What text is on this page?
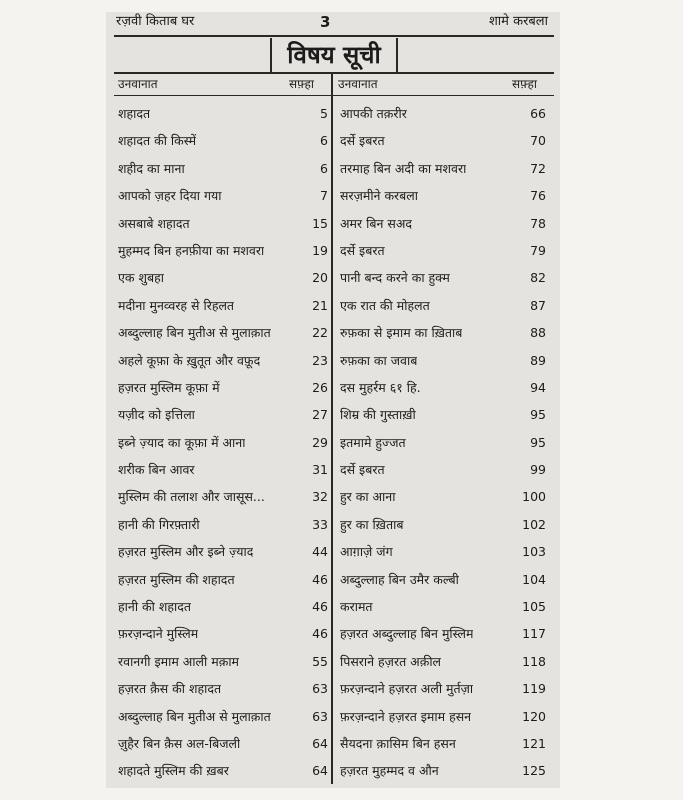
रज़वी किताब घर	3	शामे करबला
विषय सूची
उनवानात	सफ़्हा उनवानात	सफ़्हा
शहादत	5
शहादत की किस्में	6
शहीद का माना	6
आपको ज़हर दिया गया	7
असबाबे शहादत	15
मुहम्मद बिन हनफ़ीया का मशवरा	19
एक शुबहा	20
मदीना मुनव्वरह से रिहलत	21
अब्दुल्लाह बिन मुतीअ से मुलाक़ात	22
अहले कूफ़ा के ख़ुतूत और वफ़ूद	23
हज़रत मुस्लिम कूफ़ा में	26
यज़ीद को इत्तिला	27
इब्ने ज़्याद का कूफ़ा में आना	29
शरीक बिन आवर	31
मुस्लिम की तलाश और जासूस...	32
हानी की गिरफ़्तारी	33
हज़रत मुस्लिम और इब्ने ज़्याद	44
हज़रत मुस्लिम की शहादत	46
हानी की शहादत	46
फ़रज़न्दाने मुस्लिम	46
रवानगी इमाम आली मक़ाम	55
हज़रत क़ैस की शहादत	63
अब्दुल्लाह बिन मुतीअ से मुलाक़ात	63
ज़ुहैर बिन क़ैस अल-बिजली	64
शहादते मुस्लिम की ख़बर	64
आपकी तक़रीर	66
दर्से इबरत	70
तरमाह बिन अदी का मशवरा	72
सरज़मीने करबला	76
अमर बिन सअद	78
दर्से इबरत	79
पानी बन्द करने का हुक्म	82
एक रात की मोहलत	87
रुफ़का से इमाम का ख़िताब	88
रुफ़का का जवाब	89
दस मुहर्रम ६१ हि.	94
शिम्र की गुस्ताख़ी	95
इतमामे हुज्जत	95
दर्से इबरत	99
हुर का आना	100
हुर का ख़िताब	102
आग़ाज़े जंग	103
अब्दुल्लाह बिन उमैर कल्बी	104
करामत	105
हज़रत अब्दुल्लाह बिन मुस्लिम	117
पिसराने हज़रत अक़ील	118
फ़रज़न्दाने हज़रत अली मुर्तज़ा	119
फ़रज़न्दाने हज़रत इमाम हसन	120
सैयदना क़ासिम बिन हसन	121
हज़रत मुहम्मद व औन	125
